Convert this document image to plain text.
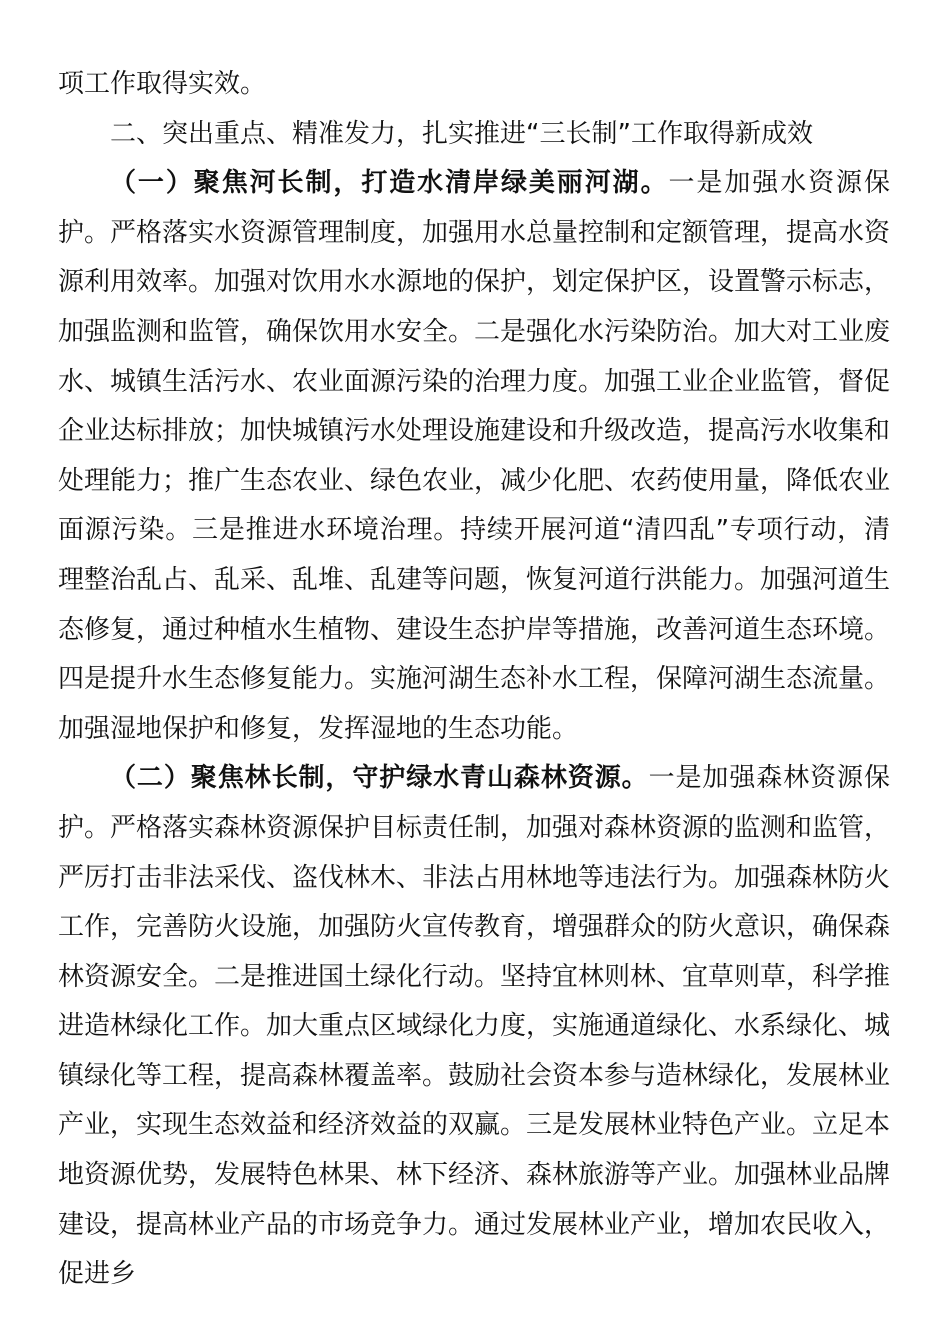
项工作取得实效。

二、突出重点、精准发力，扎实推进“三长制”工作取得新成效

（一）聚焦河长制，打造水清岸绿美丽河湖。一是加强水资源保护。严格落实水资源管理制度，加强用水总量控制和定额管理，提高水资源利用效率。加强对饮用水水源地的保护，划定保护区，设置警示标志，加强监测和监管，确保饮用水安全。二是强化水污染防治。加大对工业废水、城镇生活污水、农业面源污染的治理力度。加强工业企业监管，督促企业达标排放；加快城镇污水处理设施建设和升级改造，提高污水收集和处理能力；推广生态农业、绿色农业，减少化肥、农药使用量，降低农业面源污染。三是推进水环境治理。持续开展河道“清四乱”专项行动，清理整治乱占、乱采、乱堆、乱建等问题，恢复河道行洪能力。加强河道生态修复，通过种植水生植物、建设生态护岸等措施，改善河道生态环境。四是提升水生态修复能力。实施河湖生态补水工程，保障河湖生态流量。加强湿地保护和修复，发挥湿地的生态功能。

（二）聚焦林长制，守护绿水青山森林资源。一是加强森林资源保护。严格落实森林资源保护目标责任制，加强对森林资源的监测和监管，严厉打击非法采伐、盗伐林木、非法占用林地等违法行为。加强森林防火工作，完善防火设施，加强防火宣传教育，增强群众的防火意识，确保森林资源安全。二是推进国土绿化行动。坚持宜林则林、宜草则草，科学推进造林绿化工作。加大重点区域绿化力度，实施通道绿化、水系绿化、城镇绿化等工程，提高森林覆盖率。鼓励社会资本参与造林绿化，发展林业产业，实现生态效益和经济效益的双赢。三是发展林业特色产业。立足本地资源优势，发展特色林果、林下经济、森林旅游等产业。加强林业品牌建设，提高林业产品的市场竞争力。通过发展林业产业，增加农民收入，促进乡
